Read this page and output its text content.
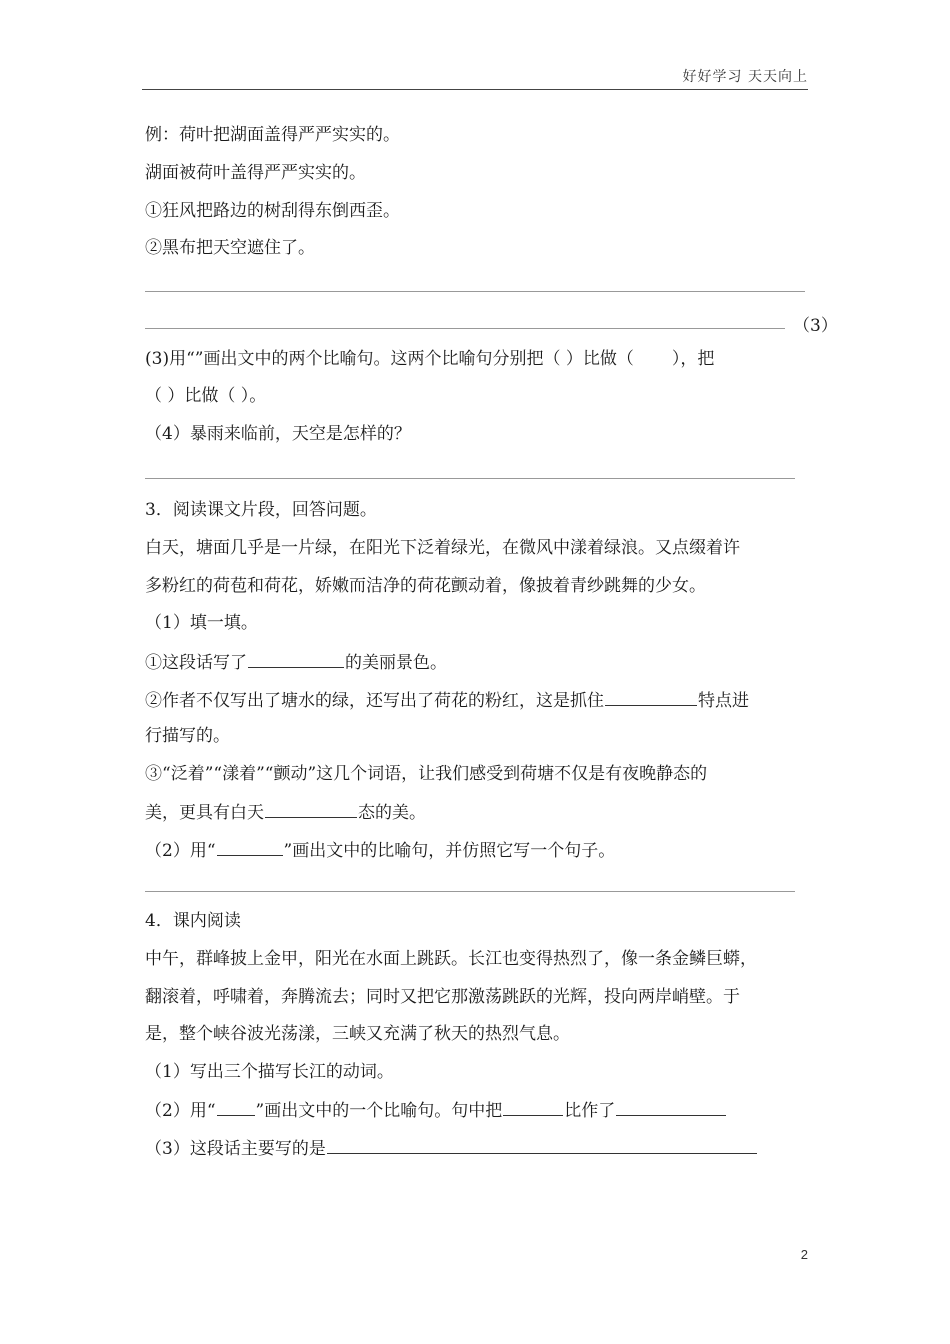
好好学习 天天向上
例：荷叶把湖面盖得严严实实的。
湖面被荷叶盖得严严实实的。
①狂风把路边的树刮得东倒西歪。
②黑布把天空遮住了。
（3）
(3)用“”画出文中的两个比喻句。这两个比喻句分别把（ ）比做（ ），把
（ ）比做（ ）。
（4）暴雨来临前，天空是怎样的？
3．阅读课文片段，回答问题。
白天，塘面几乎是一片绿，在阳光下泛着绿光，在微风中漾着绿浪。又点缀着许
多粉红的荷苞和荷花，娇嫩而洁净的荷花颤动着，像披着青纱跳舞的少女。
（1）填一填。
①这段话写了	的美丽景色。
②作者不仅写出了塘水的绿，还写出了荷花的粉红，这是抓住	特点进
行描写的。
③“泛着”“漾着”“颤动”这几个词语，让我们感受到荷塘不仅是有夜晚静态的
美，更具有白天	态的美。
（2）用“	”画出文中的比喻句，并仿照它写一个句子。
4．课内阅读
中午，群峰披上金甲，阳光在水面上跳跃。长江也变得热烈了，像一条金鳞巨蟒，
翻滚着，呼啸着，奔腾流去；同时又把它那激荡跳跃的光辉，投向两岸峭壁。于
是，整个峡谷波光荡漾，三峡又充满了秋天的热烈气息。
（1）写出三个描写长江的动词。
（2）用“ ”画出文中的一个比喻句。句中把	比作了
（3）这段话主要写的是
2
